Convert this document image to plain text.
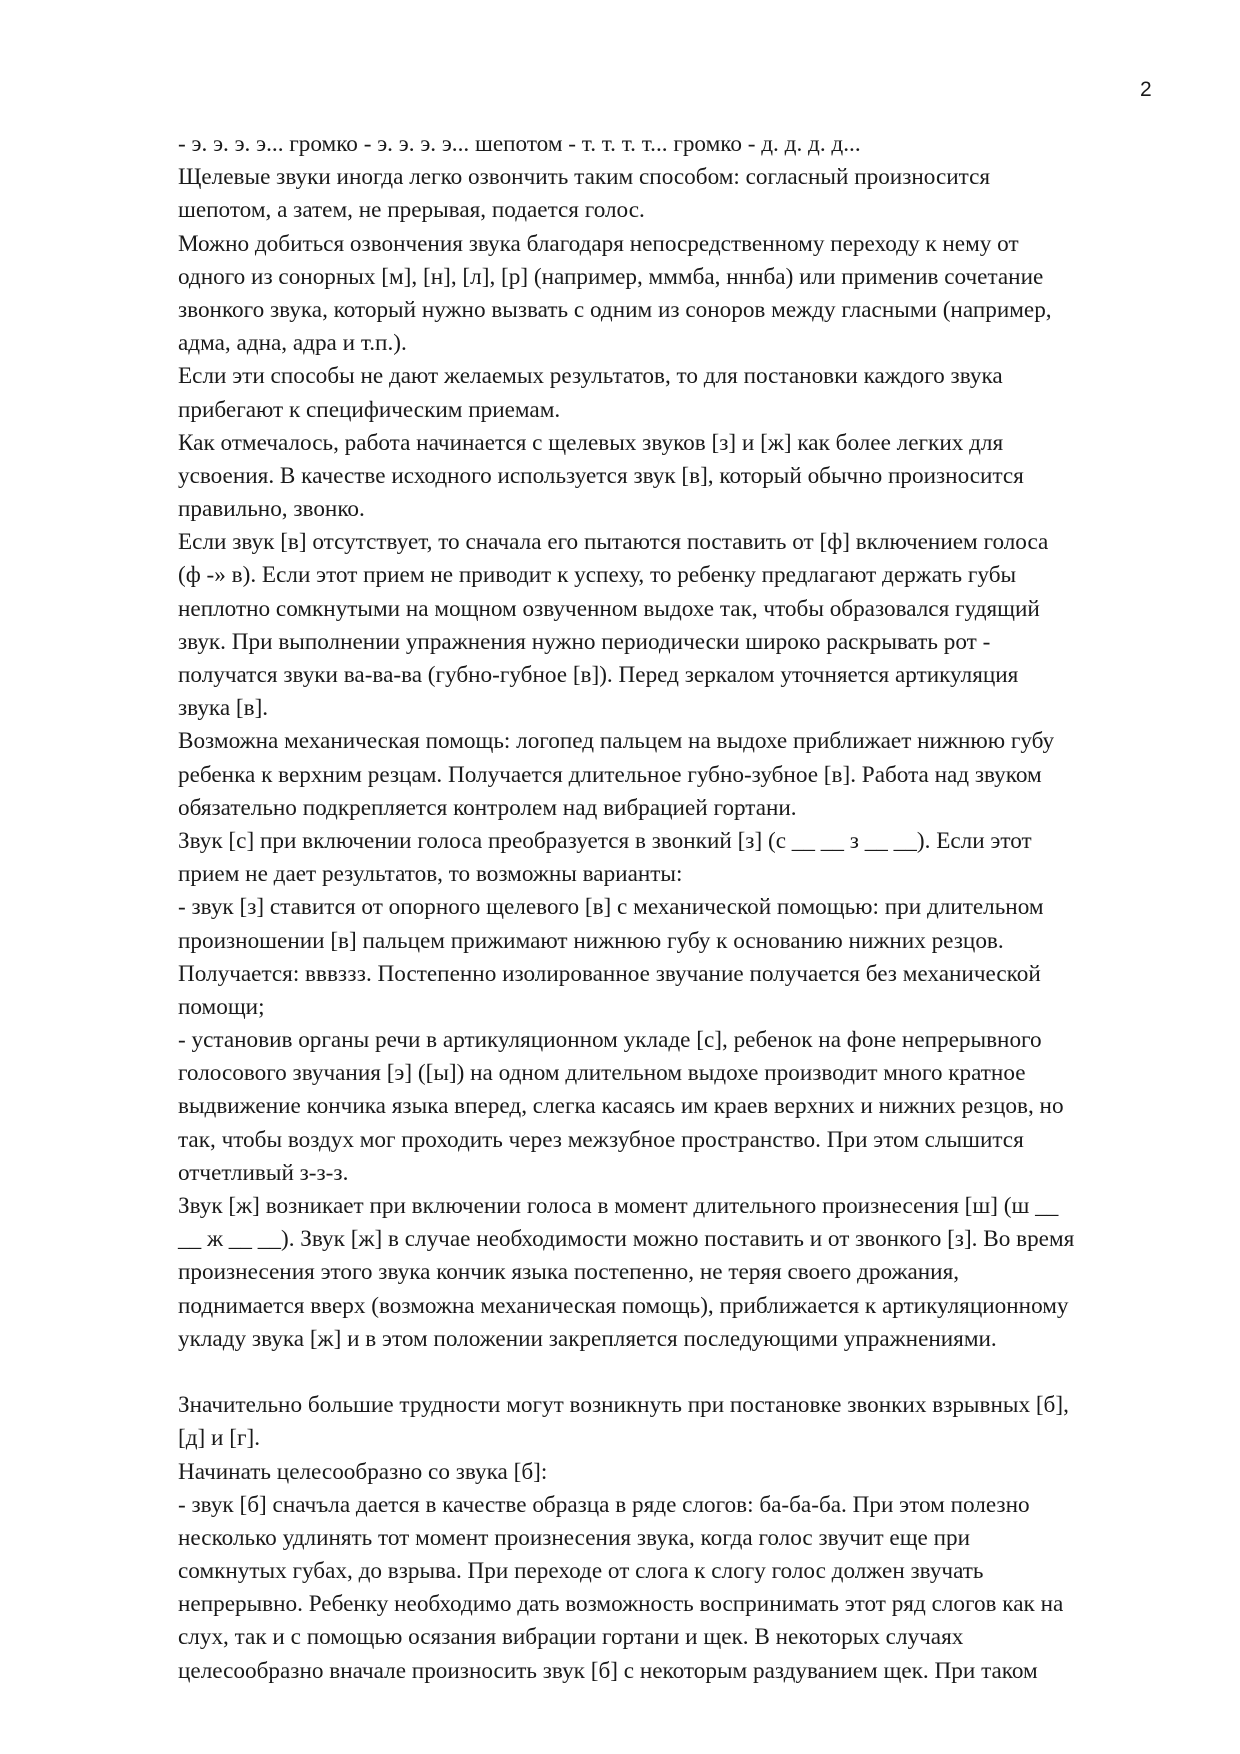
2
- э. э. э. э... громко - э. э. э. э... шепотом - т. т. т. т... громко - д. д. д. д...
Щелевые звуки иногда легко озвончить таким способом: согласный произносится
шепотом, а затем, не прерывая, подается голос.
Можно добиться озвончения звука благодаря непосредственному переходу к нему от
одного из сонорных [м], [н], [л], [р] (например, мммба, нннба) или применив сочетание
звонкого звука, который нужно вызвать с одним из соноров между гласными (например,
адма, адна, адра и т.п.).
Если эти способы не дают желаемых результатов, то для постановки каждого звука
прибегают к специфическим приемам.
Как отмечалось, работа начинается с щелевых звуков [з] и [ж] как более легких для
усвоения. В качестве исходного используется звук [в], который обычно произносится
правильно, звонко.
Если звук [в] отсутствует, то сначала его пытаются поставить от [ф] включением голоса
(ф -» в). Если этот прием не приводит к успеху, то ребенку предлагают держать губы
неплотно сомкнутыми на мощном озвученном выдохе так, чтобы образовался гудящий
звук. При выполнении упражнения нужно периодически широко раскрывать рот -
получатся звуки ва-ва-ва (губно-губное [в]). Перед зеркалом уточняется артикуляция
звука [в].
Возможна механическая помощь: логопед пальцем на выдохе приближает нижнюю губу
ребенка к верхним резцам. Получается длительное губно-зубное [в]. Работа над звуком
обязательно подкрепляется контролем над вибрацией гортани.
Звук [с] при включении голоса преобразуется в звонкий [з] (с __ __ з __ __). Если этот
прием не дает результатов, то возможны варианты:
- звук [з] ставится от опорного щелевого [в] с механической помощью: при длительном
произношении [в] пальцем прижимают нижнюю губу к основанию нижних резцов.
Получается: вввззз. Постепенно изолированное звучание получается без механической
помощи;
- установив органы речи в артикуляционном укладе [с], ребенок на фоне непрерывного
голосового звучания [э] ([ы]) на одном длительном выдохе производит много кратное
выдвижение кончика языка вперед, слегка касаясь им краев верхних и нижних резцов, но
так, чтобы воздух мог проходить через межзубное пространство. При этом слышится
отчетливый з-з-з.
Звук [ж] возникает при включении голоса в момент длительного произнесения [ш] (ш __
__ ж __ __). Звук [ж] в случае необходимости можно поставить и от звонкого [з]. Во время
произнесения этого звука кончик языка постепенно, не теряя своего дрожания,
поднимается вверх (возможна механическая помощь), приближается к артикуляционному
укладу звука [ж] и в этом положении закрепляется последующими упражнениями.
Значительно большие трудности могут возникнуть при постановке звонких взрывных [б],
[д] и [г].
Начинать целесообразно со звука [б]:
- звук [б] сначъла дается в качестве образца в ряде слогов: ба-ба-ба. При этом полезно
несколько удлинять тот момент произнесения звука, когда голос звучит еще при
сомкнутых губах, до взрыва. При переходе от слога к слогу голос должен звучать
непрерывно. Ребенку необходимо дать возможность воспринимать этот ряд слогов как на
слух, так и с помощью осязания вибрации гортани и щек. В некоторых случаях
целесообразно вначале произносить звук [б] с некоторым раздуванием щек. При таком
